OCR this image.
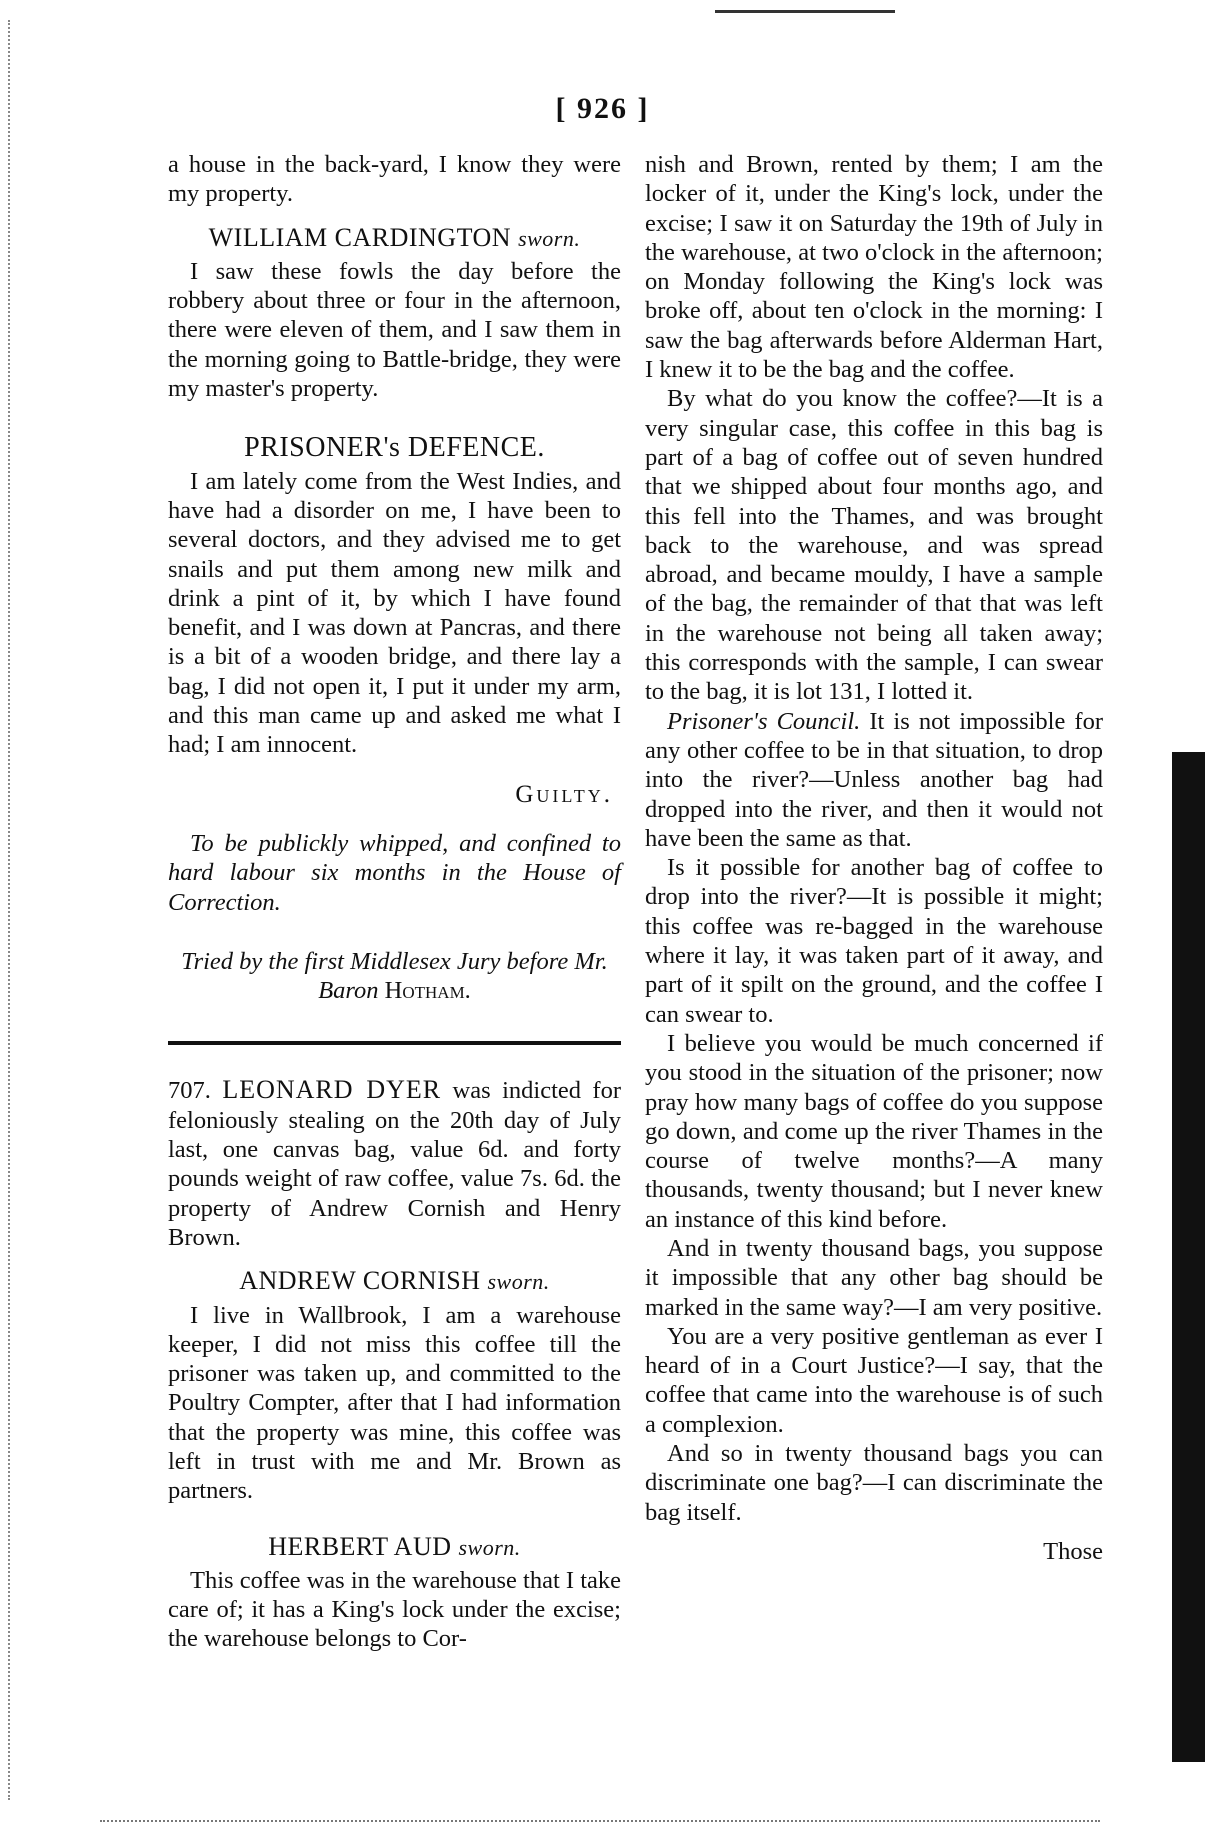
[ 926 ]

a house in the back-yard, I know they were my property.

WILLIAM CARDINGTON sworn.

I saw these fowls the day before the robbery about three or four in the afternoon, there were eleven of them, and I saw them in the morning going to Battle-bridge, they were my master's property.

PRISONER's DEFENCE.

I am lately come from the West Indies, and have had a disorder on me, I have been to several doctors, and they advised me to get snails and put them among new milk and drink a pint of it, by which I have found benefit, and I was down at Pancras, and there is a bit of a wooden bridge, and there lay a bag, I did not open it, I put it under my arm, and this man came up and asked me what I had; I am innocent.

Guilty.

To be publickly whipped, and confined to hard labour six months in the House of Correction.

Tried by the first Middlesex Jury before Mr. Baron Hotham.

707. LEONARD DYER was indicted for feloniously stealing on the 20th day of July last, one canvas bag, value 6d. and forty pounds weight of raw coffee, value 7s. 6d. the property of Andrew Cornish and Henry Brown.

ANDREW CORNISH sworn.

I live in Wallbrook, I am a warehouse keeper, I did not miss this coffee till the prisoner was taken up, and committed to the Poultry Compter, after that I had information that the property was mine, this coffee was left in trust with me and Mr. Brown as partners.

HERBERT AUD sworn.

This coffee was in the warehouse that I take care of; it has a King's lock under the excise; the warehouse belongs to Cor-

nish and Brown, rented by them; I am the locker of it, under the King's lock, under the excise; I saw it on Saturday the 19th of July in the warehouse, at two o'clock in the afternoon; on Monday following the King's lock was broke off, about ten o'clock in the morning: I saw the bag afterwards before Alderman Hart, I knew it to be the bag and the coffee.

By what do you know the coffee?—It is a very singular case, this coffee in this bag is part of a bag of coffee out of seven hundred that we shipped about four months ago, and this fell into the Thames, and was brought back to the warehouse, and was spread abroad, and became mouldy, I have a sample of the bag, the remainder of that that was left in the warehouse not being all taken away; this corresponds with the sample, I can swear to the bag, it is lot 131, I lotted it.

Prisoner's Council. It is not impossible for any other coffee to be in that situation, to drop into the river?—Unless another bag had dropped into the river, and then it would not have been the same as that.

Is it possible for another bag of coffee to drop into the river?—It is possible it might; this coffee was re-bagged in the warehouse where it lay, it was taken part of it away, and part of it spilt on the ground, and the coffee I can swear to.

I believe you would be much concerned if you stood in the situation of the prisoner; now pray how many bags of coffee do you suppose go down, and come up the river Thames in the course of twelve months?—A many thousands, twenty thousand; but I never knew an instance of this kind before.

And in twenty thousand bags, you suppose it impossible that any other bag should be marked in the same way?—I am very positive.

You are a very positive gentleman as ever I heard of in a Court Justice?—I say, that the coffee that came into the warehouse is of such a complexion.

And so in twenty thousand bags you can discriminate one bag?—I can discriminate the bag itself.

Those
